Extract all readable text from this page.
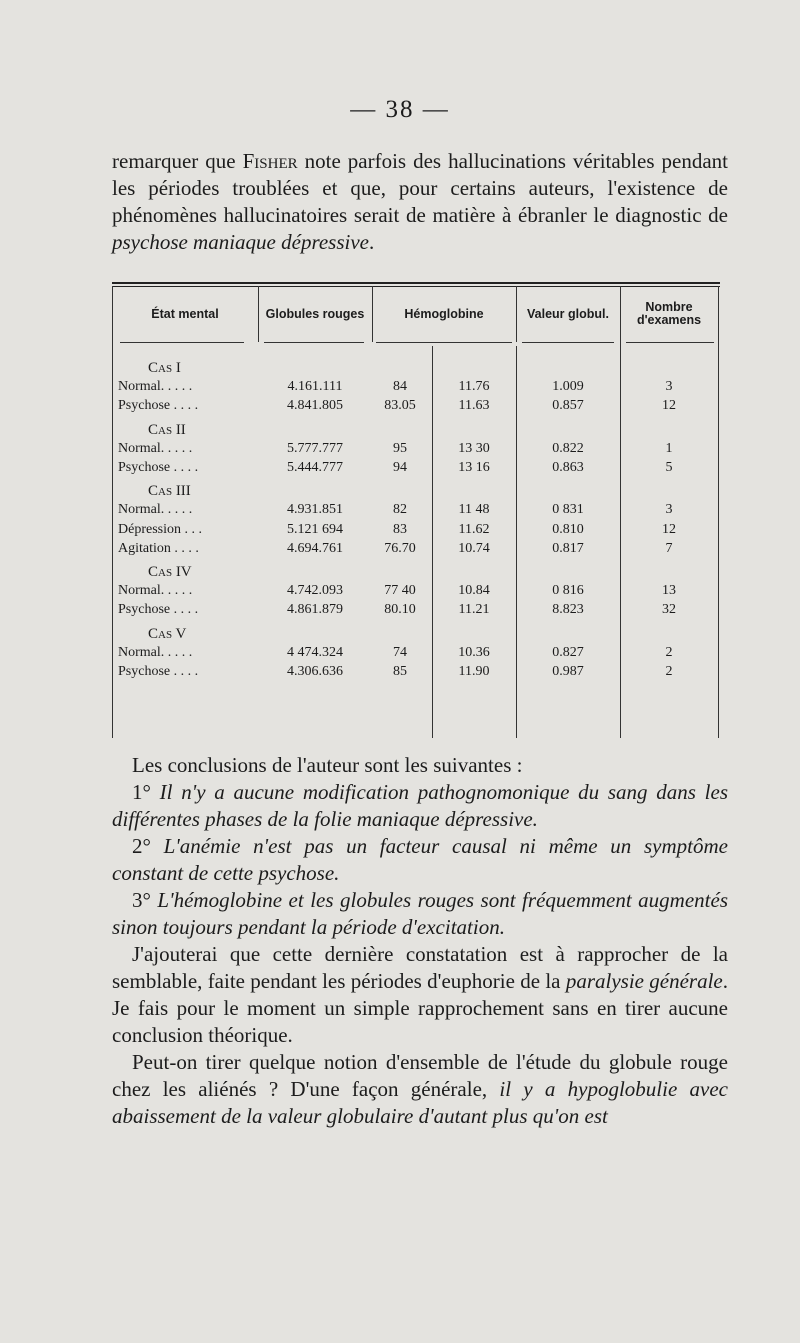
— 38 —

remarquer que Fisher note parfois des hallucinations véritables pendant les périodes troublées et que, pour certains auteurs, l'existence de phénomènes hallucinatoires serait de matière à ébranler le diagnostic de psychose maniaque dépressive.

État mental	Globules rouges	Hémoglobine	Valeur globul.	Nombre
d'examens
Cas I
Normal. . . . .	4.161.111	84	11.76	1.009	3
Psychose . . . .	4.841.805	83.05	11.63	0.857	12
Cas II
Normal. . . . .	5.777.777	95	13 30	0.822	1
Psychose . . . .	5.444.777	94	13 16	0.863	5
Cas III
Normal. . . . .	4.931.851	82	11 48	0 831	3
Dépression . . .	5.121 694	83	11.62	0.810	12
Agitation . . . .	4.694.761	76.70	10.74	0.817	7
Cas IV
Normal. . . . .	4.742.093	77 40	10.84	0 816	13
Psychose . . . .	4.861.879	80.10	11.21	8.823	32
Cas V
Normal. . . . .	4 474.324	74	10.36	0.827	2
Psychose . . . .	4.306.636	85	11.90	0.987	2
Les conclusions de l'auteur sont les suivantes :
1° Il n'y a aucune modification pathognomonique du sang dans les différentes phases de la folie maniaque dépressive.
2° L'anémie n'est pas un facteur causal ni même un symptôme constant de cette psychose.
3° L'hémoglobine et les globules rouges sont fréquemment augmentés sinon toujours pendant la période d'excitation.
J'ajouterai que cette dernière constatation est à rapprocher de la semblable, faite pendant les périodes d'euphorie de la paralysie générale. Je fais pour le moment un simple rapprochement sans en tirer aucune conclusion théorique.
Peut-on tirer quelque notion d'ensemble de l'étude du globule rouge chez les aliénés ? D'une façon générale, il y a hypoglobulie avec abaissement de la valeur globulaire d'autant plus qu'on est
